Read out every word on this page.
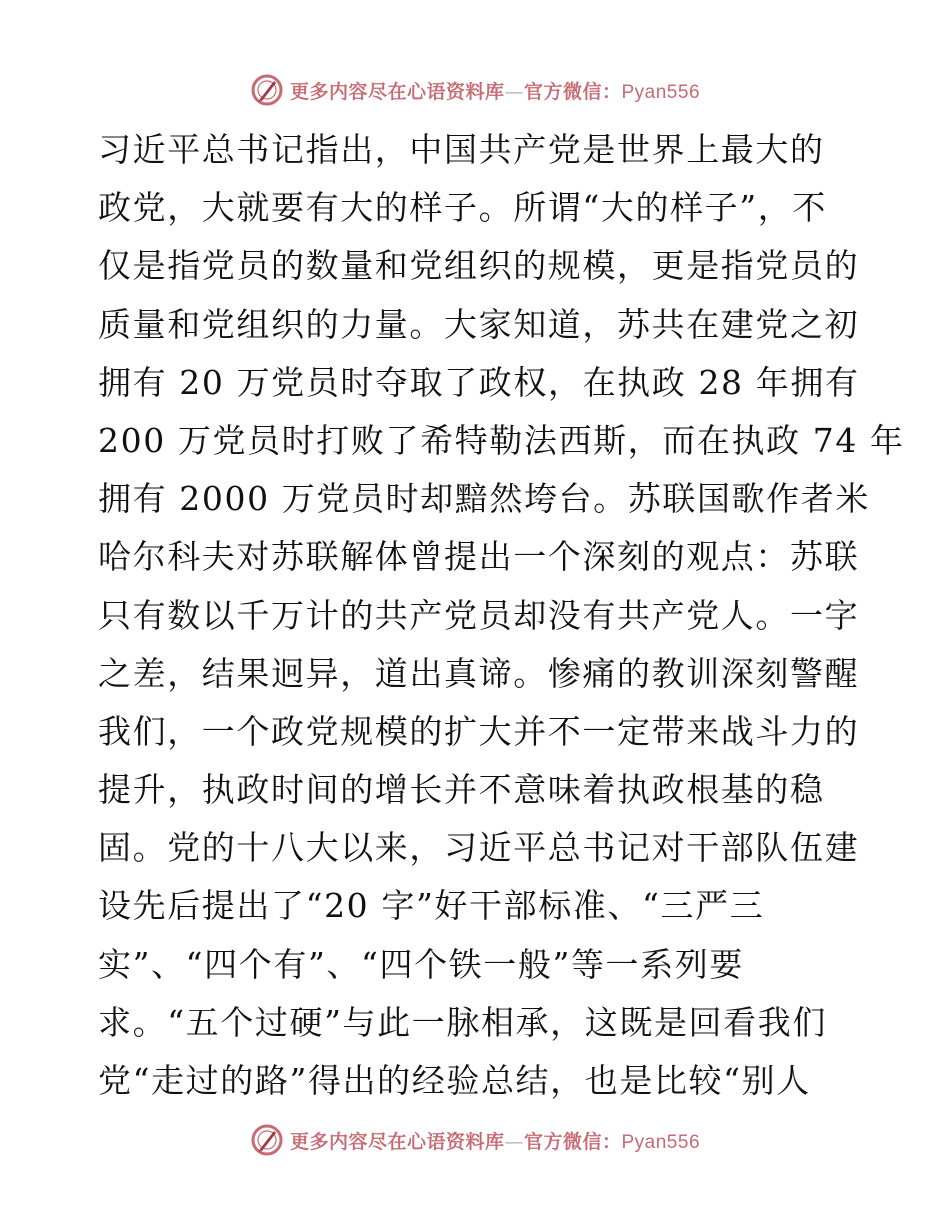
更多内容尽在心语资料库—官方微信：Pyan556
习近平总书记指出，中国共产党是世界上最大的
政党，大就要有大的样子。所谓“大的样子”，不
仅是指党员的数量和党组织的规模，更是指党员的
质量和党组织的力量。大家知道，苏共在建党之初
拥有 20 万党员时夺取了政权，在执政 28 年拥有
200 万党员时打败了希特勒法西斯，而在执政 74 年
拥有 2000 万党员时却黯然垮台。苏联国歌作者米
哈尔科夫对苏联解体曾提出一个深刻的观点：苏联
只有数以千万计的共产党员却没有共产党人。一字
之差，结果迥异，道出真谛。惨痛的教训深刻警醒
我们，一个政党规模的扩大并不一定带来战斗力的
提升，执政时间的增长并不意味着执政根基的稳
固。党的十八大以来，习近平总书记对干部队伍建
设先后提出了“20 字”好干部标准、“三严三
实”、“四个有”、“四个铁一般”等一系列要
求。“五个过硬”与此一脉相承，这既是回看我们
党“走过的路”得出的经验总结，也是比较“别人
更多内容尽在心语资料库—官方微信：Pyan556
